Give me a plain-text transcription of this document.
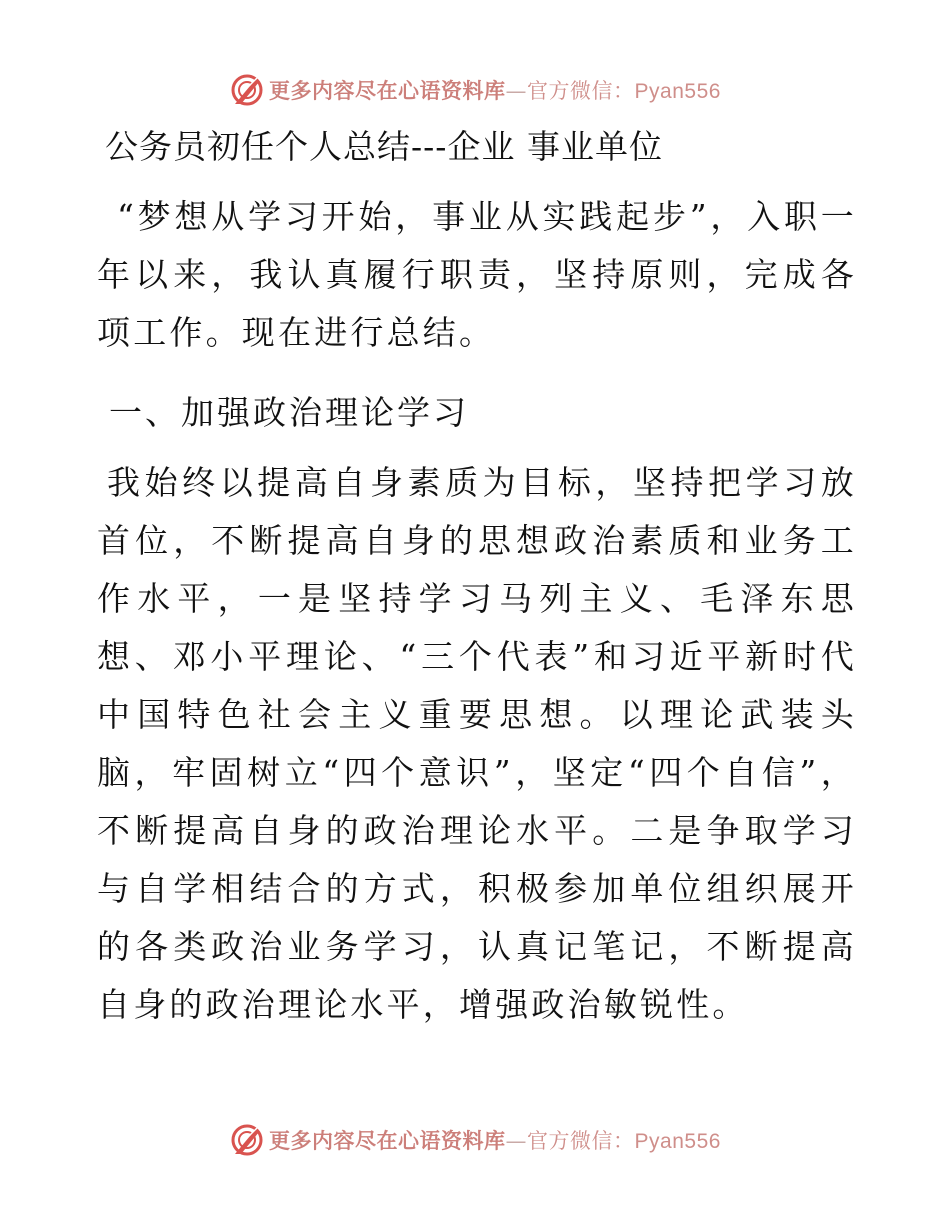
更多内容尽在心语资料库—官方微信：Pyan556
公务员初任个人总结---企业 事业单位

“梦想从学习开始，事业从实践起步”，入职一年以来，我认真履行职责，坚持原则，完成各项工作。现在进行总结。

一、加强政治理论学习

我始终以提高自身素质为目标，坚持把学习放首位，不断提高自身的思想政治素质和业务工作水平，一是坚持学习马列主义、毛泽东思想、邓小平理论、“三个代表”和习近平新时代中国特色社会主义重要思想。以理论武装头脑，牢固树立“四个意识”，坚定“四个自信”，不断提高自身的政治理论水平。二是争取学习与自学相结合的方式，积极参加单位组织展开的各类政治业务学习，认真记笔记，不断提高自身的政治理论水平，增强政治敏锐性。

更多内容尽在心语资料库—官方微信：Pyan556
